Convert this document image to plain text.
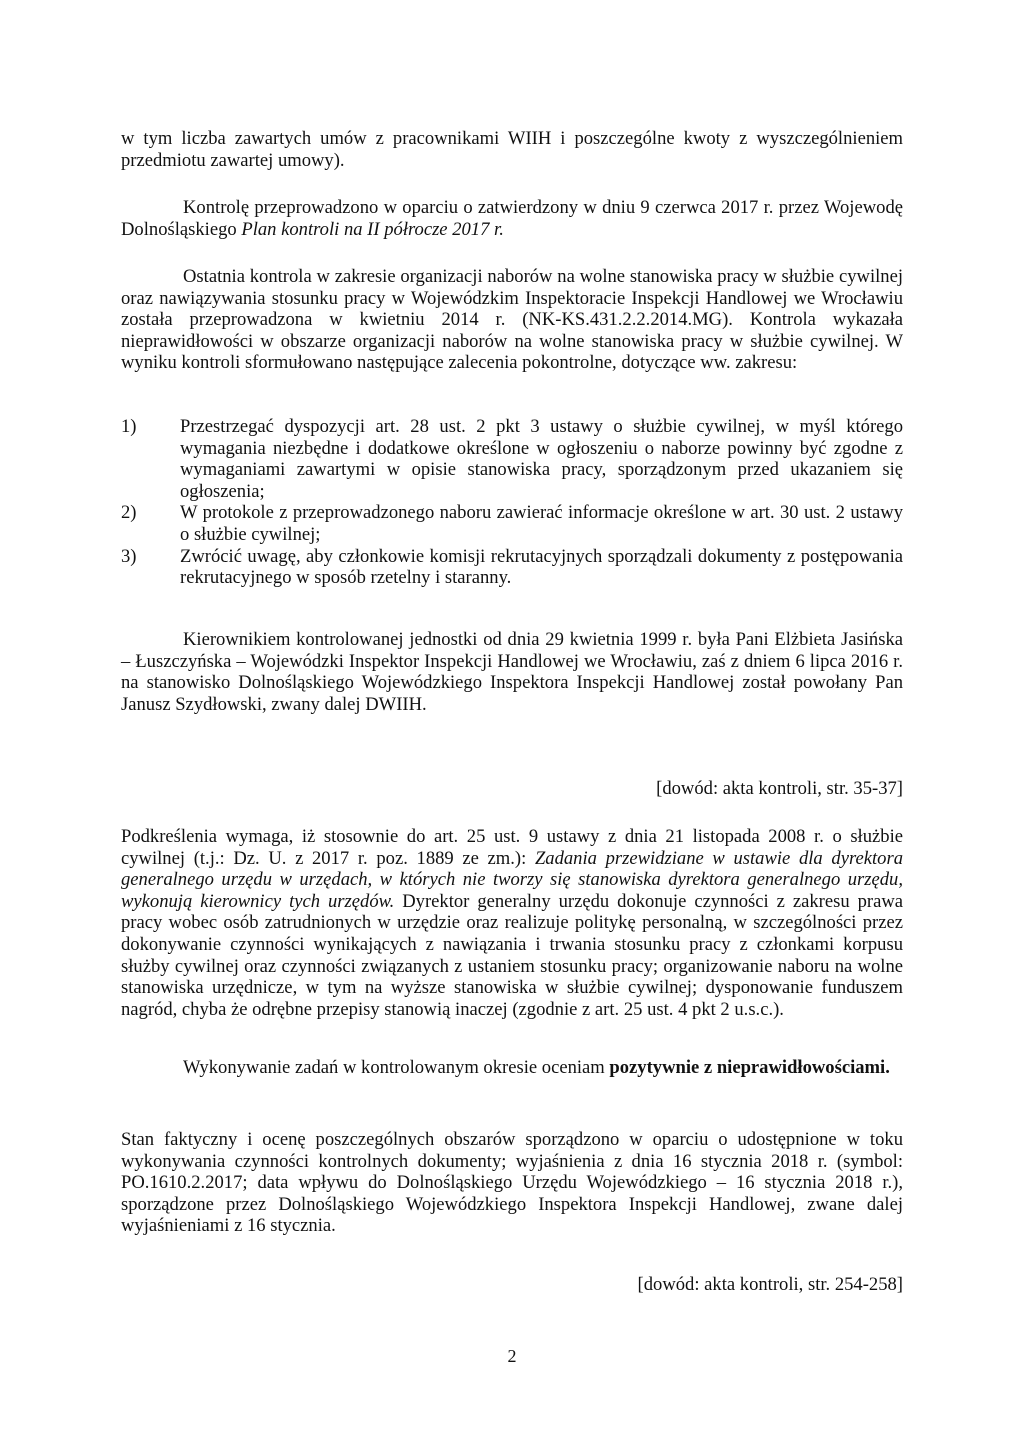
w tym liczba zawartych umów z pracownikami WIIH i poszczególne kwoty z wyszczególnieniem przedmiotu zawartej umowy).

Kontrolę przeprowadzono w oparciu o zatwierdzony w dniu 9 czerwca 2017 r. przez Wojewodę Dolnośląskiego Plan kontroli na II półrocze 2017 r.

Ostatnia kontrola w zakresie organizacji naborów na wolne stanowiska pracy w służbie cywilnej oraz nawiązywania stosunku pracy w Wojewódzkim Inspektoracie Inspekcji Handlowej we Wrocławiu została przeprowadzona w kwietniu 2014 r. (NK-KS.431.2.2.2014.MG). Kontrola wykazała nieprawidłowości w obszarze organizacji naborów na wolne stanowiska pracy w służbie cywilnej. W wyniku kontroli sformułowano następujące zalecenia pokontrolne, dotyczące ww. zakresu:

1) Przestrzegać dyspozycji art. 28 ust. 2 pkt 3 ustawy o służbie cywilnej, w myśl którego wymagania niezbędne i dodatkowe określone w ogłoszeniu o naborze powinny być zgodne z wymaganiami zawartymi w opisie stanowiska pracy, sporządzonym przed ukazaniem się ogłoszenia;
2) W protokole z przeprowadzonego naboru zawierać informacje określone w art. 30 ust. 2 ustawy o służbie cywilnej;
3) Zwrócić uwagę, aby członkowie komisji rekrutacyjnych sporządzali dokumenty z postępowania rekrutacyjnego w sposób rzetelny i staranny.

Kierownikiem kontrolowanej jednostki od dnia 29 kwietnia 1999 r. była Pani Elżbieta Jasińska – Łuszczyńska – Wojewódzki Inspektor Inspekcji Handlowej we Wrocławiu, zaś z dniem 6 lipca 2016 r. na stanowisko Dolnośląskiego Wojewódzkiego Inspektora Inspekcji Handlowej został powołany Pan Janusz Szydłowski, zwany dalej DWIIH.

[dowód: akta kontroli, str. 35-37]

Podkreślenia wymaga, iż stosownie do art. 25 ust. 9 ustawy z dnia 21 listopada 2008 r. o służbie cywilnej (t.j.: Dz. U. z 2017 r. poz. 1889 ze zm.): Zadania przewidziane w ustawie dla dyrektora generalnego urzędu w urzędach, w których nie tworzy się stanowiska dyrektora generalnego urzędu, wykonują kierownicy tych urzędów. Dyrektor generalny urzędu dokonuje czynności z zakresu prawa pracy wobec osób zatrudnionych w urzędzie oraz realizuje politykę personalną, w szczególności przez dokonywanie czynności wynikających z nawiązania i trwania stosunku pracy z członkami korpusu służby cywilnej oraz czynności związanych z ustaniem stosunku pracy; organizowanie naboru na wolne stanowiska urzędnicze, w tym na wyższe stanowiska w służbie cywilnej; dysponowanie funduszem nagród, chyba że odrębne przepisy stanowią inaczej (zgodnie z art. 25 ust. 4 pkt 2 u.s.c.).

Wykonywanie zadań w kontrolowanym okresie oceniam pozytywnie z nieprawidłowościami.

Stan faktyczny i ocenę poszczególnych obszarów sporządzono w oparciu o udostępnione w toku wykonywania czynności kontrolnych dokumenty; wyjaśnienia z dnia 16 stycznia 2018 r. (symbol: PO.1610.2.2017; data wpływu do Dolnośląskiego Urzędu Wojewódzkiego – 16 stycznia 2018 r.), sporządzone przez Dolnośląskiego Wojewódzkiego Inspektora Inspekcji Handlowej, zwane dalej wyjaśnieniami z 16 stycznia.

[dowód: akta kontroli, str. 254-258]

2
